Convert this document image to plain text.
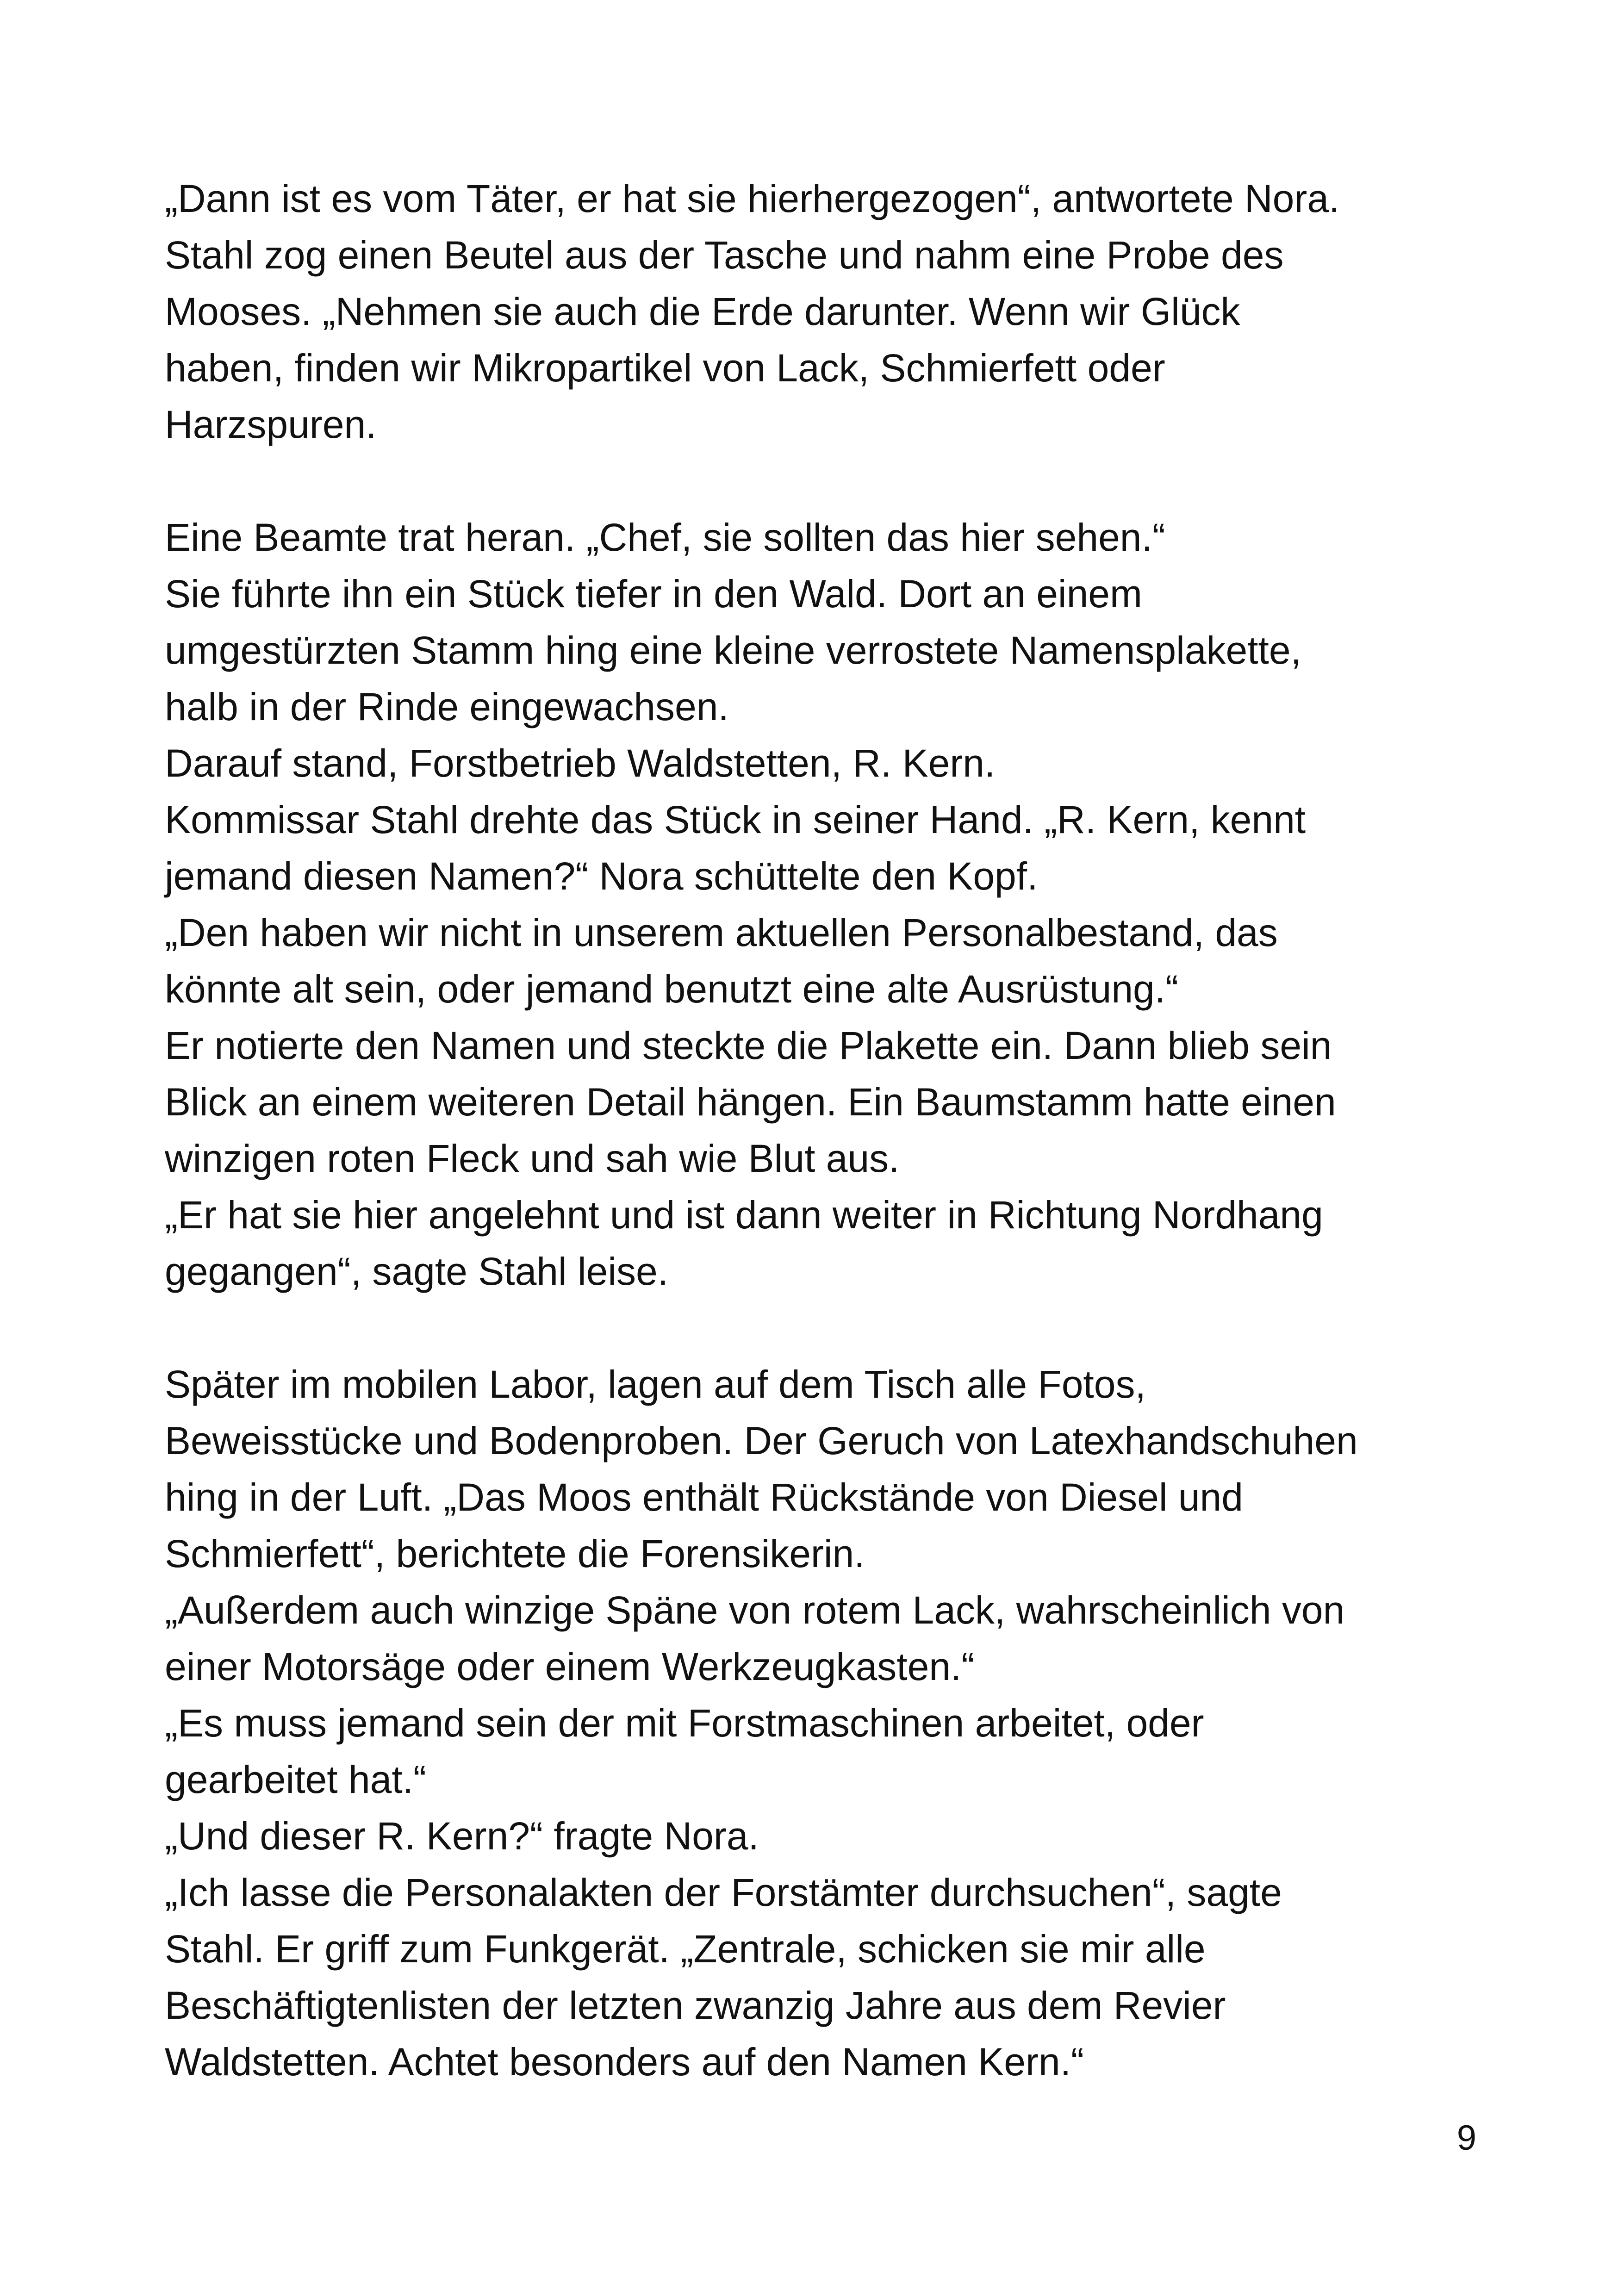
„Dann ist es vom Täter, er hat sie hierhergezogen“, antwortete Nora.
Stahl zog einen Beutel aus der Tasche und nahm eine Probe des
Mooses. „Nehmen sie auch die Erde darunter. Wenn wir Glück
haben, finden wir Mikropartikel von Lack, Schmierfett oder
Harzspuren.
Eine Beamte trat heran. „Chef, sie sollten das hier sehen.“
Sie führte ihn ein Stück tiefer in den Wald. Dort an einem
umgestürzten Stamm hing eine kleine verrostete Namensplakette,
halb in der Rinde eingewachsen.
Darauf stand, Forstbetrieb Waldstetten, R. Kern.
Kommissar Stahl drehte das Stück in seiner Hand. „R. Kern, kennt
jemand diesen Namen?“ Nora schüttelte den Kopf.
„Den haben wir nicht in unserem aktuellen Personalbestand, das
könnte alt sein, oder jemand benutzt eine alte Ausrüstung.“
Er notierte den Namen und steckte die Plakette ein. Dann blieb sein
Blick an einem weiteren Detail hängen. Ein Baumstamm hatte einen
winzigen roten Fleck und sah wie Blut aus.
„Er hat sie hier angelehnt und ist dann weiter in Richtung Nordhang
gegangen“, sagte Stahl leise.
Später im mobilen Labor, lagen auf dem Tisch alle Fotos,
Beweisstücke und Bodenproben. Der Geruch von Latexhandschuhen
hing in der Luft. „Das Moos enthält Rückstände von Diesel und
Schmierfett“, berichtete die Forensikerin.
„Außerdem auch winzige Späne von rotem Lack, wahrscheinlich von
einer Motorsäge oder einem Werkzeugkasten.“
„Es muss jemand sein der mit Forstmaschinen arbeitet, oder
gearbeitet hat.“
„Und dieser R. Kern?“ fragte Nora.
„Ich lasse die Personalakten der Forstämter durchsuchen“, sagte
Stahl. Er griff zum Funkgerät. „Zentrale, schicken sie mir alle
Beschäftigtenlisten der letzten zwanzig Jahre aus dem Revier
Waldstetten. Achtet besonders auf den Namen Kern.“
9
